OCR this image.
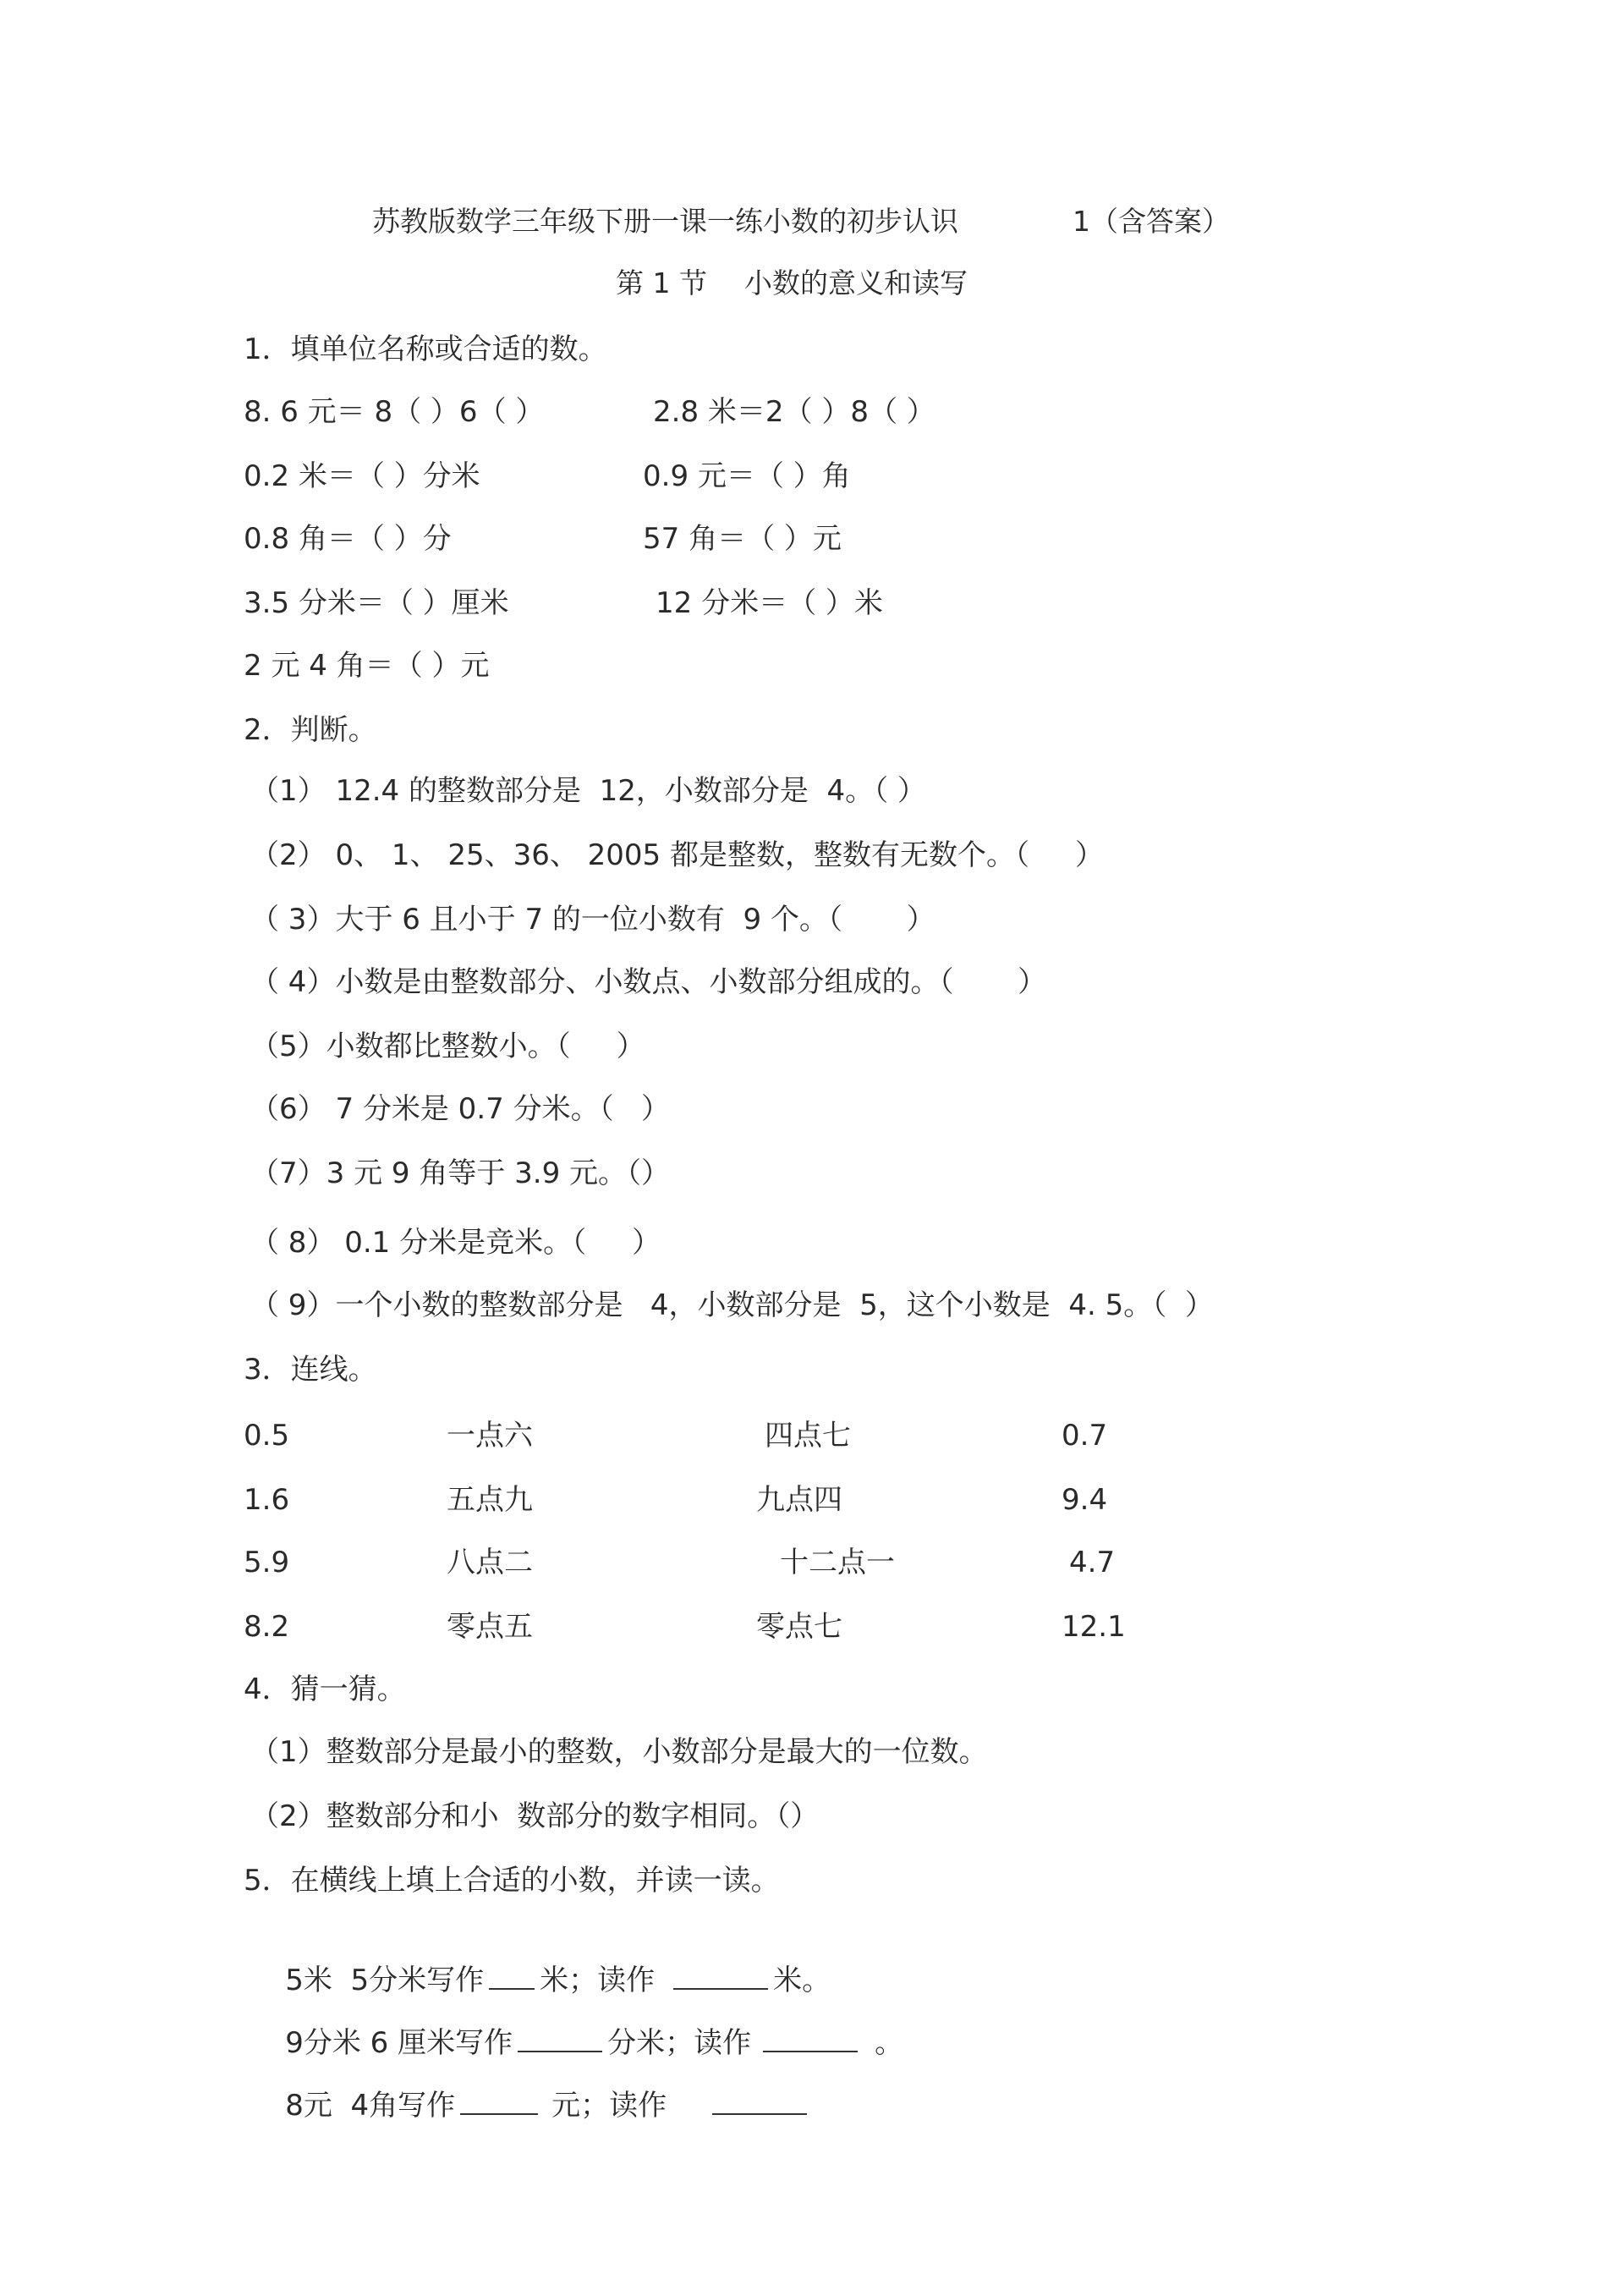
苏教版数学三年级下册一课一练小数的初步认识	1（含答案）
第 1 节 小数的意义和读写
1．填单位名称或合适的数。
8. 6 元＝ 8（ ）6（ ）	2.8 米＝2（ ）8（ ）
0.2 米＝（ ）分米	0.9 元＝（ ）角
0.8 角＝（ ）分	57 角＝（ ）元
3.5 分米＝（ ）厘米	12 分米＝（ ）米
2 元 4 角＝（ ）元
2．判断。
（1） 12.4 的整数部分是  12，小数部分是  4。（ ）
（2） 0、 1、 25、36、 2005 都是整数，整数有无数个。（     ）
（ 3）大于 6 且小于 7 的一位小数有  9 个。（       ）
（ 4）小数是由整数部分、小数点、小数部分组成的。（       ）
（5）小数都比整数小。（     ）
（6） 7 分米是 0.7 分米。（   ）
（7）3 元 9 角等于 3.9 元。（）
（ 8） 0.1 分米是竞米。（     ）
（ 9）一个小数的整数部分是   4，小数部分是  5，这个小数是  4. 5。（  ）
3．连线。
0.5	一点六	四点七	0.7
1.6	五点九	九点四	9.4
5.9	八点二	十二点一	4.7
8.2	零点五	零点七	12.1
4．猜一猜。
（1）整数部分是最小的整数，小数部分是最大的一位数。
（2）整数部分和小  数部分的数字相同。（）
5．在横线上填上合适的小数，并读一读。

5米  5分米写作 米；读作	米。

9分米 6 厘米写作	分米；读作	。

8元  4角写作	元；读作
